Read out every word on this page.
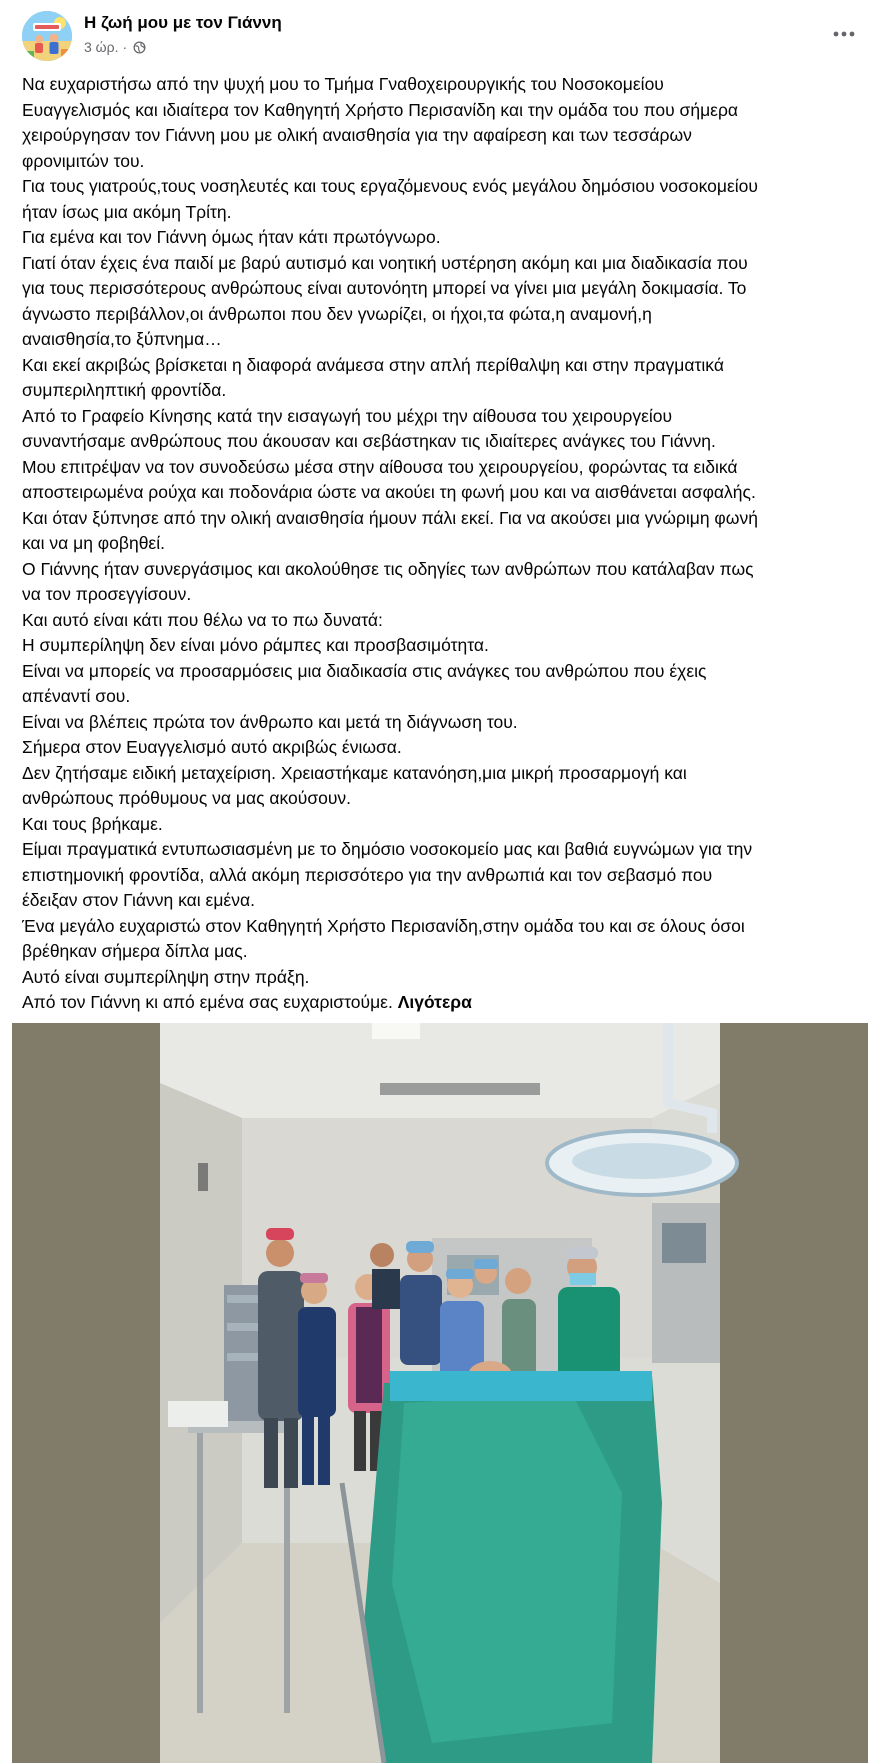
Η ζωή μου με τον Γιάννη
3 ώρ. ·

Να ευχαριστήσω από την ψυχή μου το Τμήμα Γναθοχειρουργικής του Νοσοκομείου

Ευαγγελισμός και ιδιαίτερα τον Καθηγητή Χρήστο Περισανίδη και την ομάδα του που σήμερα

χειρούργησαν τον Γιάννη μου με ολική αναισθησία για την αφαίρεση και των τεσσάρων

φρονιμιτών του.

Για τους γιατρούς,τους νοσηλευτές και τους εργαζόμενους ενός μεγάλου δημόσιου νοσοκομείου

ήταν ίσως μια ακόμη Τρίτη.

Για εμένα και τον Γιάννη όμως ήταν κάτι πρωτόγνωρο.

Γιατί όταν έχεις ένα παιδί με βαρύ αυτισμό και νοητική υστέρηση ακόμη και μια διαδικασία που

για τους περισσότερους ανθρώπους είναι αυτονόητη μπορεί να γίνει μια μεγάλη δοκιμασία. Το

άγνωστο περιβάλλον,οι άνθρωποι που δεν γνωρίζει, οι ήχοι,τα φώτα,η αναμονή,η

αναισθησία,το ξύπνημα…

Και εκεί ακριβώς βρίσκεται η διαφορά ανάμεσα στην απλή περίθαλψη και στην πραγματικά

συμπεριληπτική φροντίδα.

Από το Γραφείο Κίνησης κατά την εισαγωγή του μέχρι την αίθουσα του χειρουργείου

συναντήσαμε ανθρώπους που άκουσαν και σεβάστηκαν τις ιδιαίτερες ανάγκες του Γιάννη.

Μου επιτρέψαν να τον συνοδεύσω μέσα στην αίθουσα του χειρουργείου, φορώντας τα ειδικά

αποστειρωμένα ρούχα και ποδονάρια ώστε να ακούει τη φωνή μου και να αισθάνεται ασφαλής.

Και όταν ξύπνησε από την ολική αναισθησία ήμουν πάλι εκεί. Για να ακούσει μια γνώριμη φωνή

και να μη φοβηθεί.

Ο Γιάννης ήταν συνεργάσιμος και ακολούθησε τις οδηγίες των ανθρώπων που κατάλαβαν πως

να τον προσεγγίσουν.

Και αυτό είναι κάτι που θέλω να το πω δυνατά:

Η συμπερίληψη δεν είναι μόνο ράμπες και προσβασιμότητα.

Είναι να μπορείς να προσαρμόσεις μια διαδικασία στις ανάγκες του ανθρώπου που έχεις

απέναντί σου.

Είναι να βλέπεις πρώτα τον άνθρωπο και μετά τη διάγνωση του.

Σήμερα στον Ευαγγελισμό αυτό ακριβώς ένιωσα.

Δεν ζητήσαμε ειδική μεταχείριση. Χρειαστήκαμε κατανόηση,μια μικρή προσαρμογή και

ανθρώπους πρόθυμους να μας ακούσουν.

Και τους βρήκαμε.

Είμαι πραγματικά εντυπωσιασμένη με το δημόσιο νοσοκομείο μας και βαθιά ευγνώμων για την

επιστημονική φροντίδα, αλλά ακόμη περισσότερο για την ανθρωπιά και τον σεβασμό που

έδειξαν στον Γιάννη και εμένα.

Ένα μεγάλο ευχαριστώ στον Καθηγητή Χρήστο Περισανίδη,στην ομάδα του και σε όλους όσοι

βρέθηκαν σήμερα δίπλα μας.

Αυτό είναι συμπερίληψη στην πράξη.

Από τον Γιάννη κι από εμένα σας ευχαριστούμε. Λιγότερα
